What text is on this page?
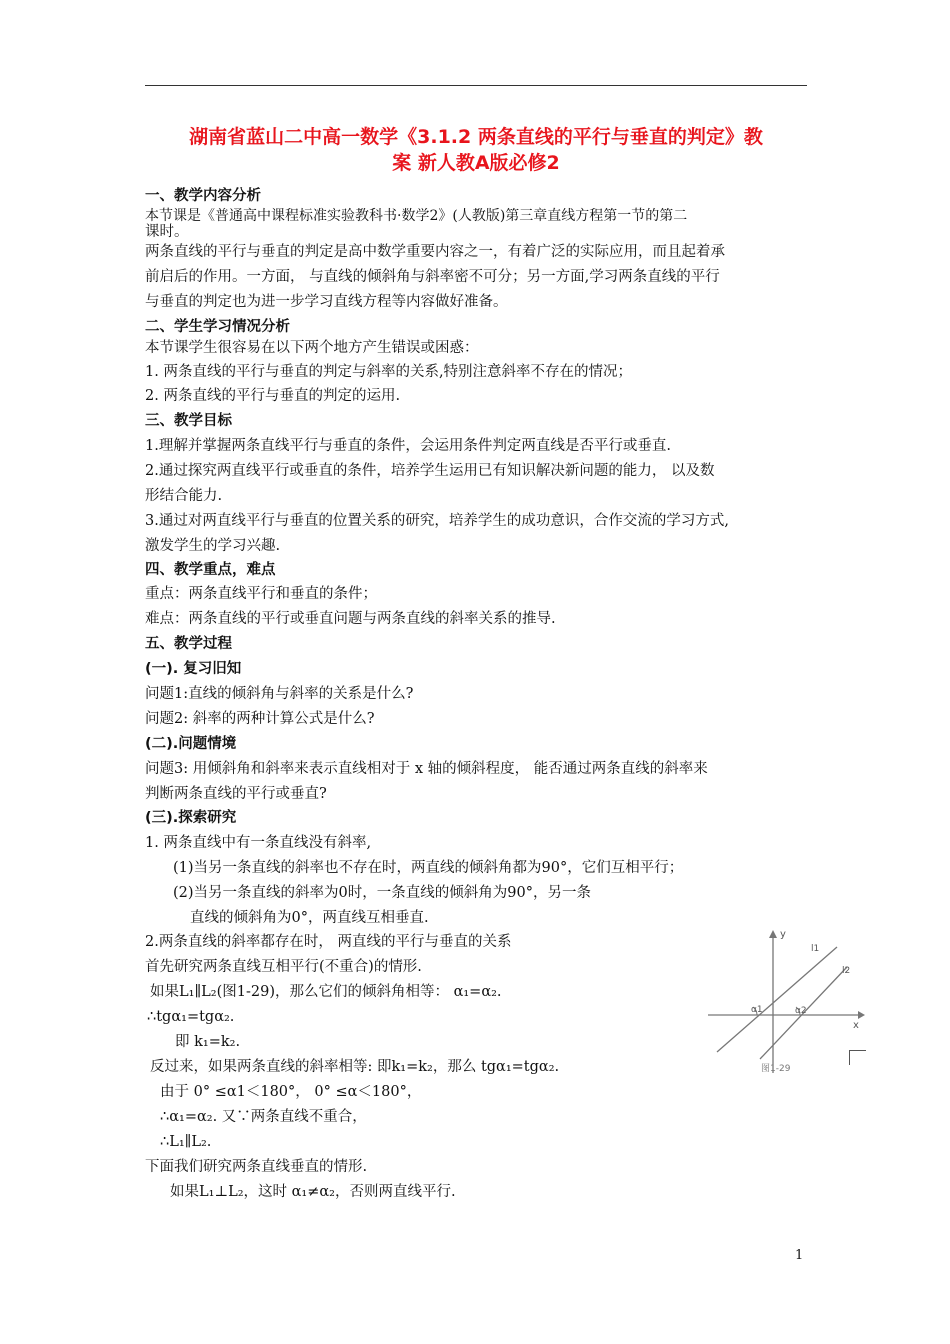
湖南省蓝山二中高一数学《3.1.2 两条直线的平行与垂直的判定》教
案 新人教A版必修2
一、教学内容分析
本节课是《普通高中课程标准实验教科书·数学2》(人教版)第三章直线方程第一节的第二
课时。
两条直线的平行与垂直的判定是高中数学重要内容之一，有着广泛的实际应用，而且起着承
前启后的作用。一方面， 与直线的倾斜角与斜率密不可分；另一方面,学习两条直线的平行
与垂直的判定也为进一步学习直线方程等内容做好准备。
二、学生学习情况分析
本节课学生很容易在以下两个地方产生错误或困惑：
1. 两条直线的平行与垂直的判定与斜率的关系,特别注意斜率不存在的情况；
2. 两条直线的平行与垂直的判定的运用.
三、教学目标
1.理解并掌握两条直线平行与垂直的条件，会运用条件判定两直线是否平行或垂直.
2.通过探究两直线平行或垂直的条件，培养学生运用已有知识解决新问题的能力， 以及数
形结合能力.
3.通过对两直线平行与垂直的位置关系的研究，培养学生的成功意识，合作交流的学习方式,
激发学生的学习兴趣.
四、教学重点，难点
重点：两条直线平行和垂直的条件；
难点：两条直线的平行或垂直问题与两条直线的斜率关系的推导.
五、教学过程
(一). 复习旧知
问题1:直线的倾斜角与斜率的关系是什么?
问题2: 斜率的两种计算公式是什么?
(二).问题情境
问题3: 用倾斜角和斜率来表示直线相对于 x 轴的倾斜程度， 能否通过两条直线的斜率来
判断两条直线的平行或垂直?
(三).探索研究
1. 两条直线中有一条直线没有斜率,
(1)当另一条直线的斜率也不存在时，两直线的倾斜角都为90°，它们互相平行；
(2)当另一条直线的斜率为0时，一条直线的倾斜角为90°，另一条
直线的倾斜角为0°，两直线互相垂直.
2.两条直线的斜率都存在时， 两直线的平行与垂直的关系
首先研究两条直线互相平行(不重合)的情形.
如果L₁∥L₂(图1-29)，那么它们的倾斜角相等： α₁=α₂.
∴tgα₁=tgα₂.
即 k₁=k₂.
反过来，如果两条直线的斜率相等: 即k₁=k₂，那么 tgα₁=tgα₂.
由于 0° ≤α1＜180°， 0° ≤α＜180°，
∴α₁=α₂. 又∵两条直线不重合，
∴L₁∥L₂.
下面我们研究两条直线垂直的情形.
如果L₁⊥L₂，这时 α₁≠α₂，否则两直线平行.
y
x
l1
l2
α1	α2
图1-29
1
